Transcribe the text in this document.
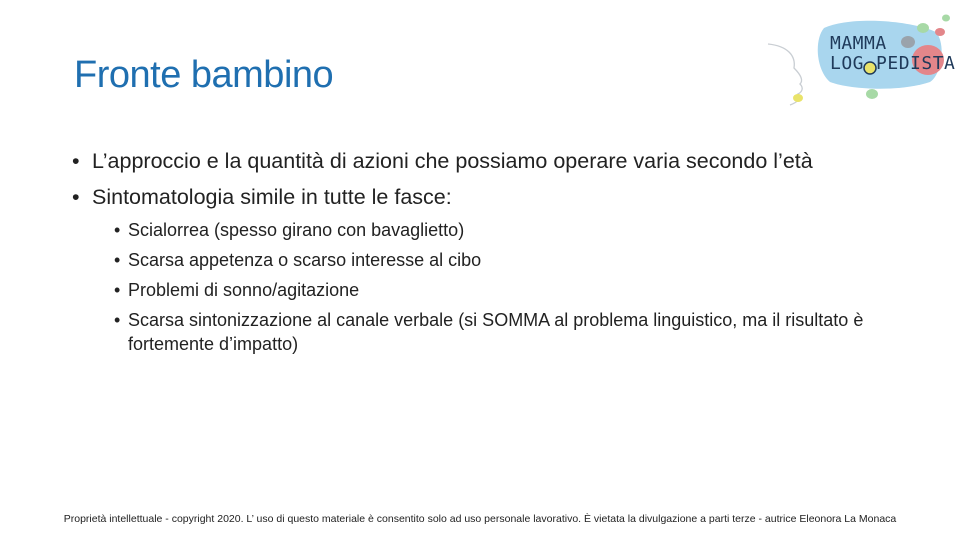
Fronte bambino
MAMMA
LOG PEDISTA
• L’approccio e la quantità di azioni che possiamo operare varia secondo l’età
• Sintomatologia simile in tutte le fasce:
• Scialorrea (spesso girano con bavaglietto)
• Scarsa appetenza o scarso interesse al cibo
• Problemi di sonno/agitazione
• Scarsa sintonizzazione al canale verbale (si SOMMA al problema linguistico, ma il risultato è fortemente d’impatto)
Proprietà intellettuale - copyright 2020. L’ uso di questo materiale è consentito solo ad uso personale lavorativo. È vietata la divulgazione a parti terze - autrice Eleonora La Monaca
